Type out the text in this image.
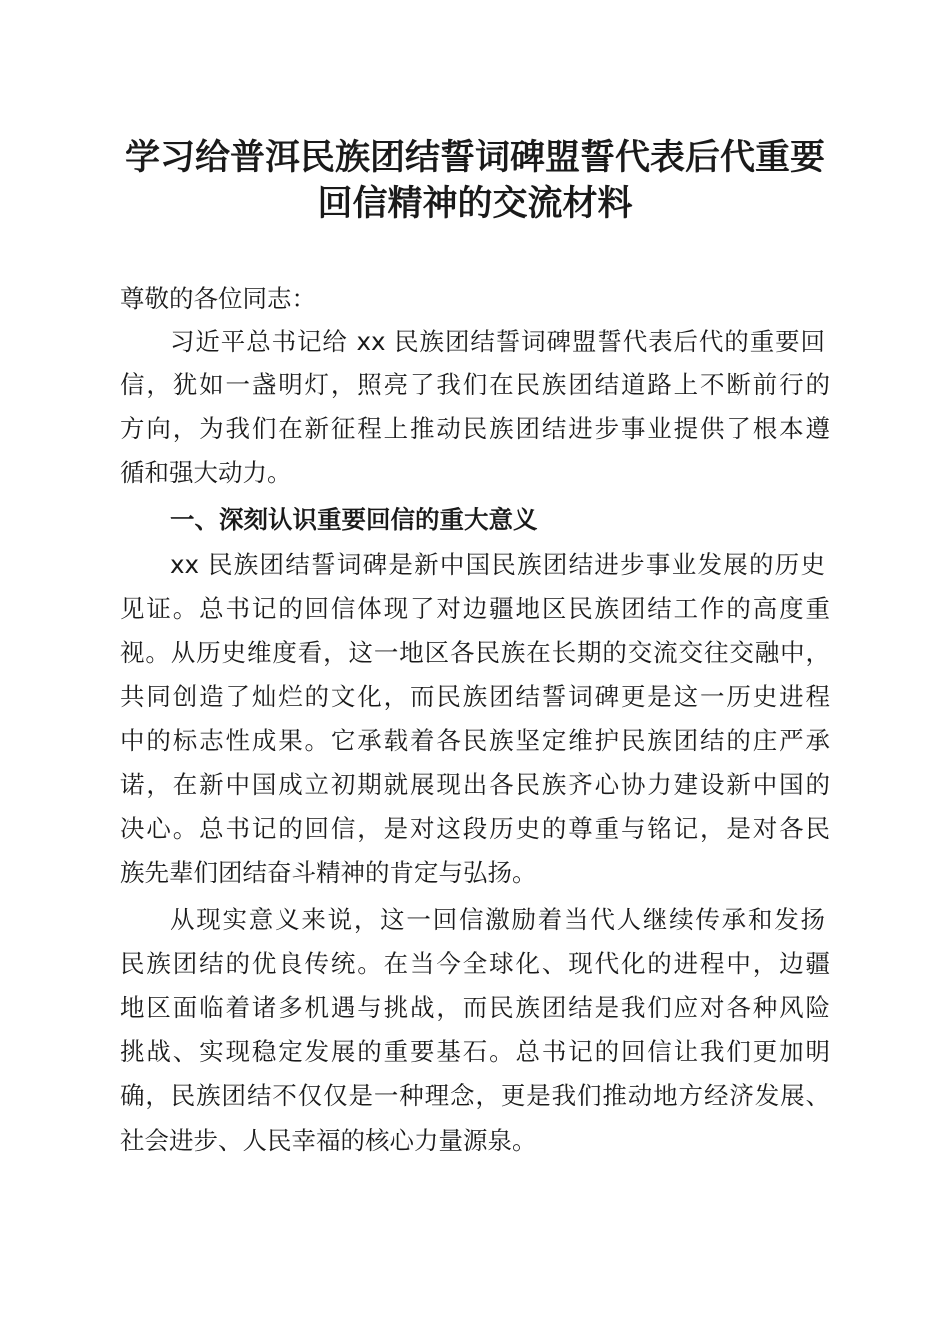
学习给普洱民族团结誓词碑盟誓代表后代重要
回信精神的交流材料

尊敬的各位同志：

习近平总书记给 xx 民族团结誓词碑盟誓代表后代的重要回

信，犹如一盏明灯，照亮了我们在民族团结道路上不断前行的

方向，为我们在新征程上推动民族团结进步事业提供了根本遵

循和强大动力。

一、深刻认识重要回信的重大意义

xx 民族团结誓词碑是新中国民族团结进步事业发展的历史

见证。总书记的回信体现了对边疆地区民族团结工作的高度重

视。从历史维度看，这一地区各民族在长期的交流交往交融中，

共同创造了灿烂的文化，而民族团结誓词碑更是这一历史进程

中的标志性成果。它承载着各民族坚定维护民族团结的庄严承

诺，在新中国成立初期就展现出各民族齐心协力建设新中国的

决心。总书记的回信，是对这段历史的尊重与铭记，是对各民

族先辈们团结奋斗精神的肯定与弘扬。

从现实意义来说，这一回信激励着当代人继续传承和发扬

民族团结的优良传统。在当今全球化、现代化的进程中，边疆

地区面临着诸多机遇与挑战，而民族团结是我们应对各种风险

挑战、实现稳定发展的重要基石。总书记的回信让我们更加明

确，民族团结不仅仅是一种理念，更是我们推动地方经济发展、

社会进步、人民幸福的核心力量源泉。
